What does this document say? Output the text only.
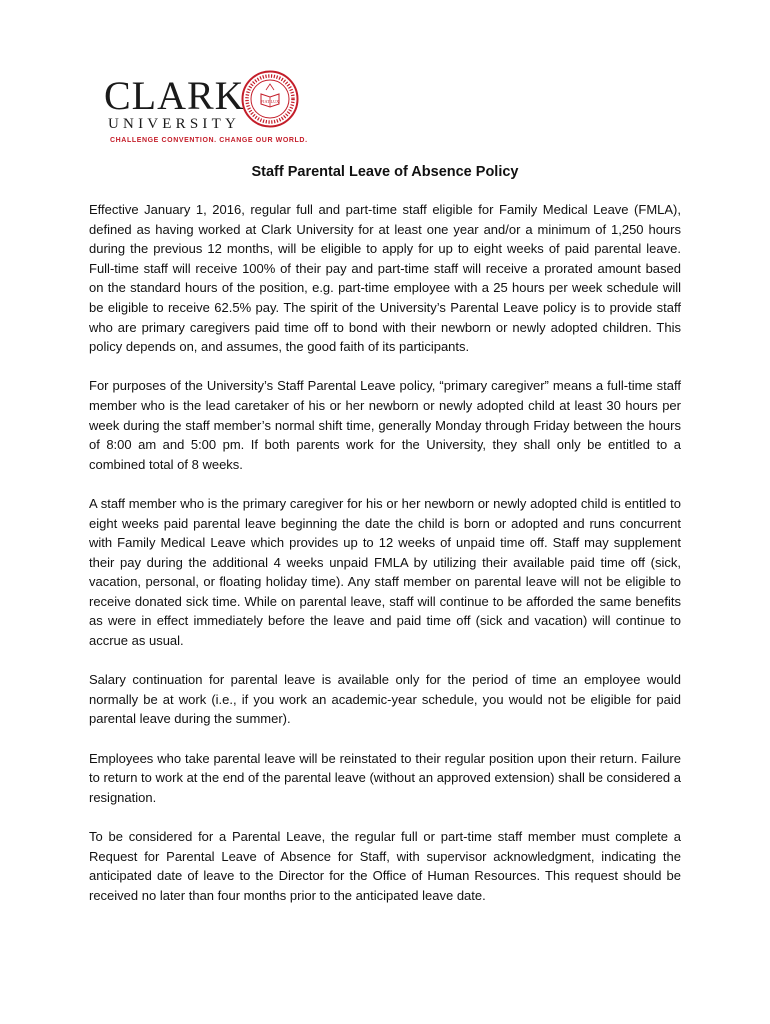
CLARK
UNIVERSITY
FIAT LUX
CHALLENGE CONVENTION. CHANGE OUR WORLD.
Staff Parental Leave of Absence Policy

Effective January 1, 2016, regular full and part-time staff eligible for Family Medical Leave (FMLA), defined as having worked at Clark University for at least one year and/or a minimum of 1,250 hours during the previous 12 months, will be eligible to apply for up to eight weeks of paid parental leave. Full-time staff will receive 100% of their pay and part-time staff will receive a prorated amount based on the standard hours of the position, e.g. part-time employee with a 25 hours per week schedule will be eligible to receive 62.5% pay. The spirit of the University’s Parental Leave policy is to provide staff who are primary caregivers paid time off to bond with their newborn or newly adopted children. This policy depends on, and assumes, the good faith of its participants.

For purposes of the University’s Staff Parental Leave policy, “primary caregiver” means a full-time staff member who is the lead caretaker of his or her newborn or newly adopted child at least 30 hours per week during the staff member’s normal shift time, generally Monday through Friday between the hours of 8:00 am and 5:00 pm. If both parents work for the University, they shall only be entitled to a combined total of 8 weeks.

A staff member who is the primary caregiver for his or her newborn or newly adopted child is entitled to eight weeks paid parental leave beginning the date the child is born or adopted and runs concurrent with Family Medical Leave which provides up to 12 weeks of unpaid time off. Staff may supplement their pay during the additional 4 weeks unpaid FMLA by utilizing their available paid time off (sick, vacation, personal, or floating holiday time). Any staff member on parental leave will not be eligible to receive donated sick time. While on parental leave, staff will continue to be afforded the same benefits as were in effect immediately before the leave and paid time off (sick and vacation) will continue to accrue as usual.

Salary continuation for parental leave is available only for the period of time an employee would normally be at work (i.e., if you work an academic-year schedule, you would not be eligible for paid parental leave during the summer).

Employees who take parental leave will be reinstated to their regular position upon their return. Failure to return to work at the end of the parental leave (without an approved extension) shall be considered a resignation.

To be considered for a Parental Leave, the regular full or part-time staff member must complete a Request for Parental Leave of Absence for Staff, with supervisor acknowledgment, indicating the anticipated date of leave to the Director for the Office of Human Resources. This request should be received no later than four months prior to the anticipated leave date.
